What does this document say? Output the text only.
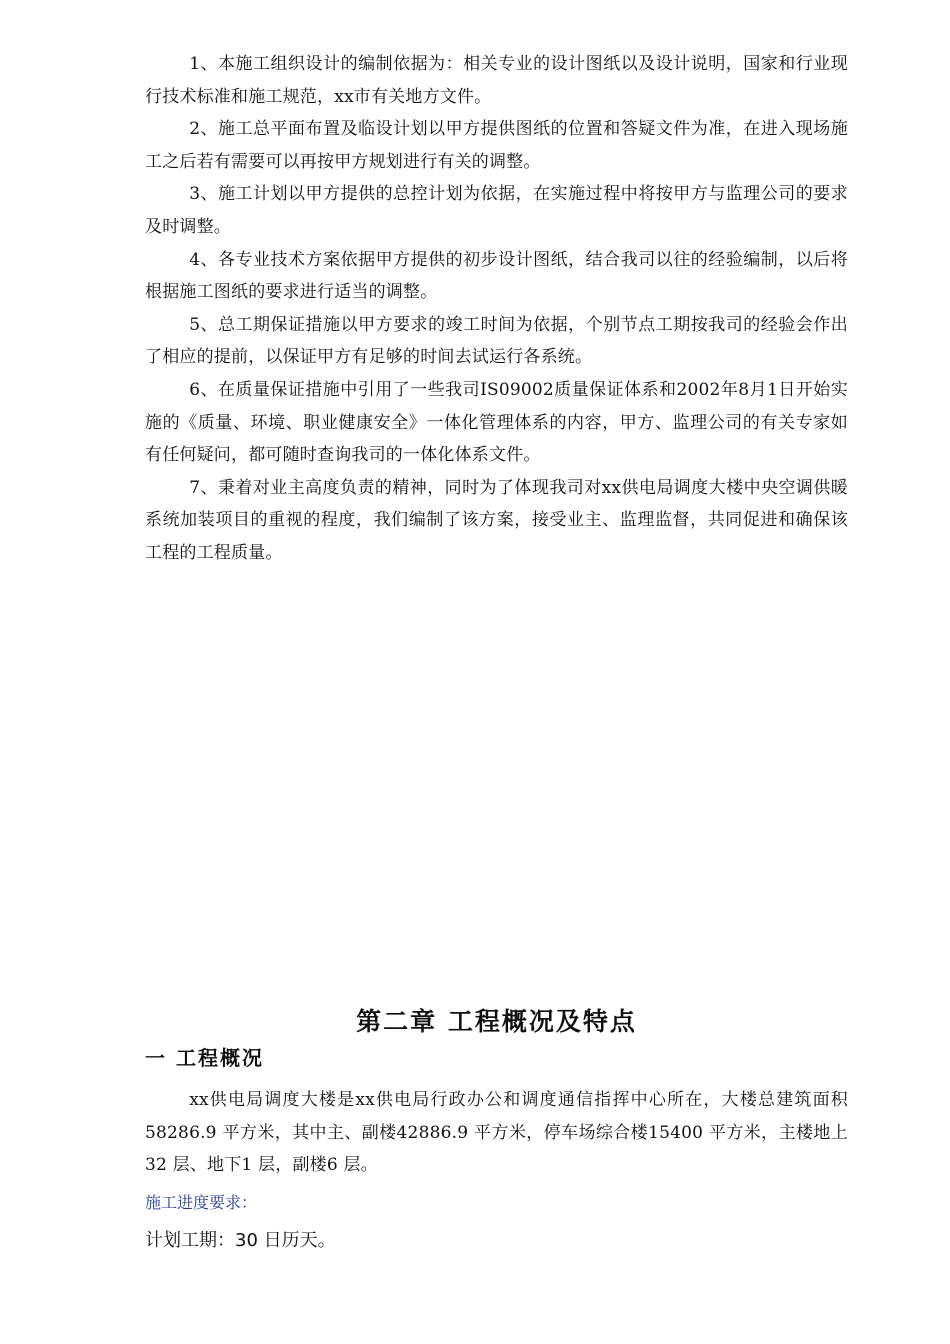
1、本施工组织设计的编制依据为：相关专业的设计图纸以及设计说明，国家和行业现行技术标准和施工规范，xx市有关地方文件。

2、施工总平面布置及临设计划以甲方提供图纸的位置和答疑文件为准，在进入现场施工之后若有需要可以再按甲方规划进行有关的调整。

3、施工计划以甲方提供的总控计划为依据，在实施过程中将按甲方与监理公司的要求及时调整。

4、各专业技术方案依据甲方提供的初步设计图纸，结合我司以往的经验编制，以后将根据施工图纸的要求进行适当的调整。

5、总工期保证措施以甲方要求的竣工时间为依据，个别节点工期按我司的经验会作出了相应的提前，以保证甲方有足够的时间去试运行各系统。

6、在质量保证措施中引用了一些我司IS09002质量保证体系和2002年8月1日开始实施的《质量、环境、职业健康安全》一体化管理体系的内容，甲方、监理公司的有关专家如有任何疑问，都可随时查询我司的一体化体系文件。

7、秉着对业主高度负责的精神，同时为了体现我司对xx供电局调度大楼中央空调供暖系统加装项目的重视的程度，我们编制了该方案，接受业主、监理监督，共同促进和确保该工程的工程质量。

第二章 工程概况及特点
一 工程概况

xx供电局调度大楼是xx供电局行政办公和调度通信指挥中心所在，大楼总建筑面积58286.9 平方米，其中主、副楼42886.9 平方米，停车场综合楼15400 平方米，主楼地上32 层、地下1 层，副楼6 层。

施工进度要求：

计划工期：30 日历天。
